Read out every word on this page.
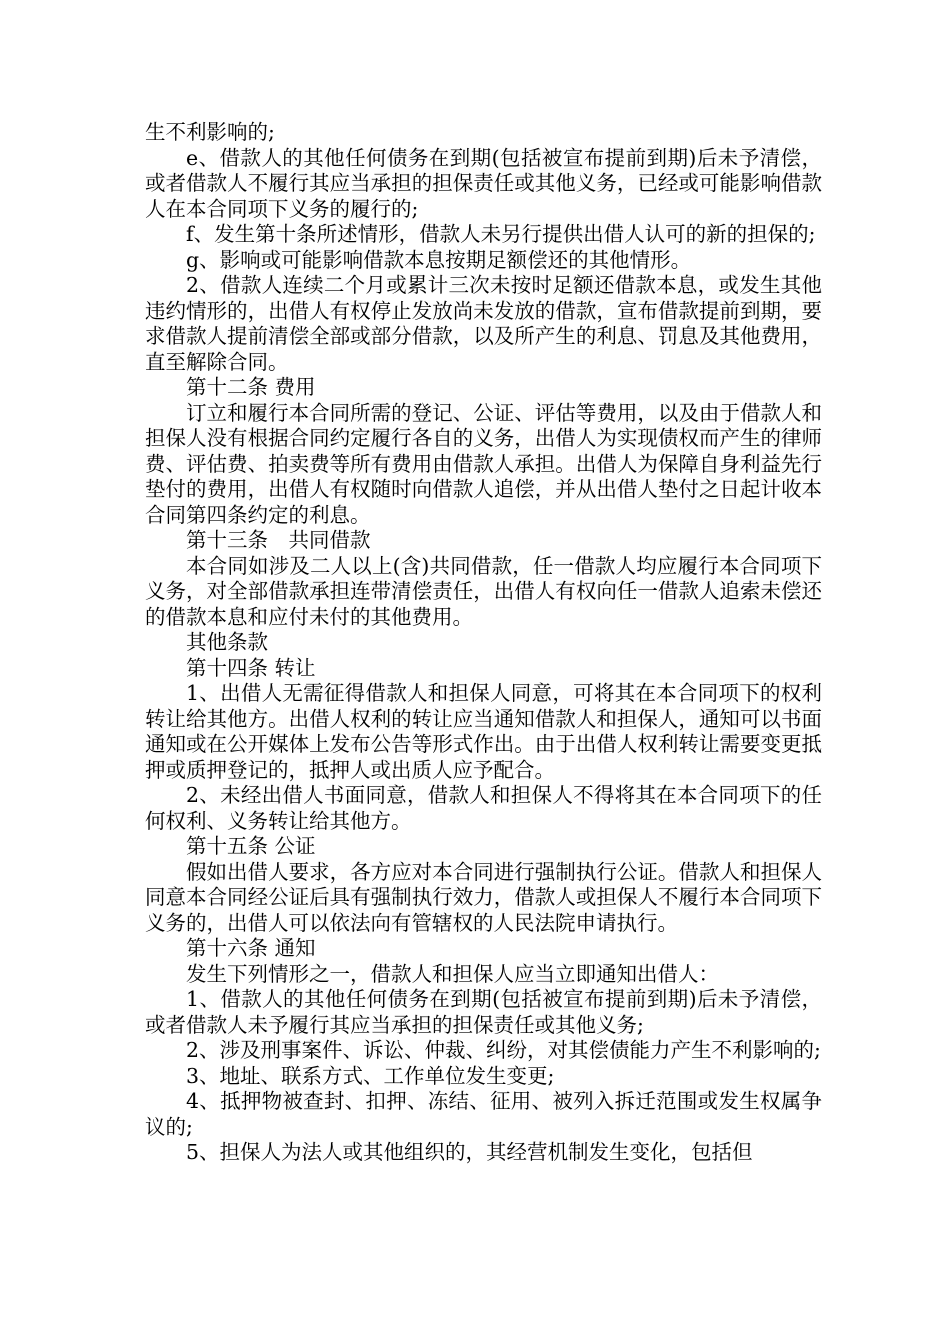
生不利影响的;

e、借款人的其他任何债务在到期(包括被宣布提前到期)后未予清偿，或者借款人不履行其应当承担的担保责任或其他义务，已经或可能影响借款人在本合同项下义务的履行的;

f、发生第十条所述情形，借款人未另行提供出借人认可的新的担保的;

g、影响或可能影响借款本息按期足额偿还的其他情形。

2、借款人连续二个月或累计三次未按时足额还借款本息，或发生其他违约情形的，出借人有权停止发放尚未发放的借款，宣布借款提前到期，要求借款人提前清偿全部或部分借款，以及所产生的利息、罚息及其他费用，直至解除合同。

第十二条 费用

订立和履行本合同所需的登记、公证、评估等费用，以及由于借款人和担保人没有根据合同约定履行各自的义务，出借人为实现债权而产生的律师费、评估费、拍卖费等所有费用由借款人承担。出借人为保障自身利益先行垫付的费用，出借人有权随时向借款人追偿，并从出借人垫付之日起计收本合同第四条约定的利息。

第十三条　共同借款

本合同如涉及二人以上(含)共同借款，任一借款人均应履行本合同项下义务，对全部借款承担连带清偿责任，出借人有权向任一借款人追索未偿还的借款本息和应付未付的其他费用。

其他条款

第十四条 转让

1、出借人无需征得借款人和担保人同意，可将其在本合同项下的权利转让给其他方。出借人权利的转让应当通知借款人和担保人，通知可以书面通知或在公开媒体上发布公告等形式作出。由于出借人权利转让需要变更抵押或质押登记的，抵押人或出质人应予配合。

2、未经出借人书面同意，借款人和担保人不得将其在本合同项下的任何权利、义务转让给其他方。

第十五条 公证

假如出借人要求，各方应对本合同进行强制执行公证。借款人和担保人同意本合同经公证后具有强制执行效力，借款人或担保人不履行本合同项下义务的，出借人可以依法向有管辖权的人民法院申请执行。

第十六条 通知

发生下列情形之一，借款人和担保人应当立即通知出借人：

1、借款人的其他任何债务在到期(包括被宣布提前到期)后未予清偿，或者借款人未予履行其应当承担的担保责任或其他义务;

2、涉及刑事案件、诉讼、仲裁、纠纷，对其偿债能力产生不利影响的;

3、地址、联系方式、工作单位发生变更;

4、抵押物被查封、扣押、冻结、征用、被列入拆迁范围或发生权属争议的;

5、担保人为法人或其他组织的，其经营机制发生变化，包括但
